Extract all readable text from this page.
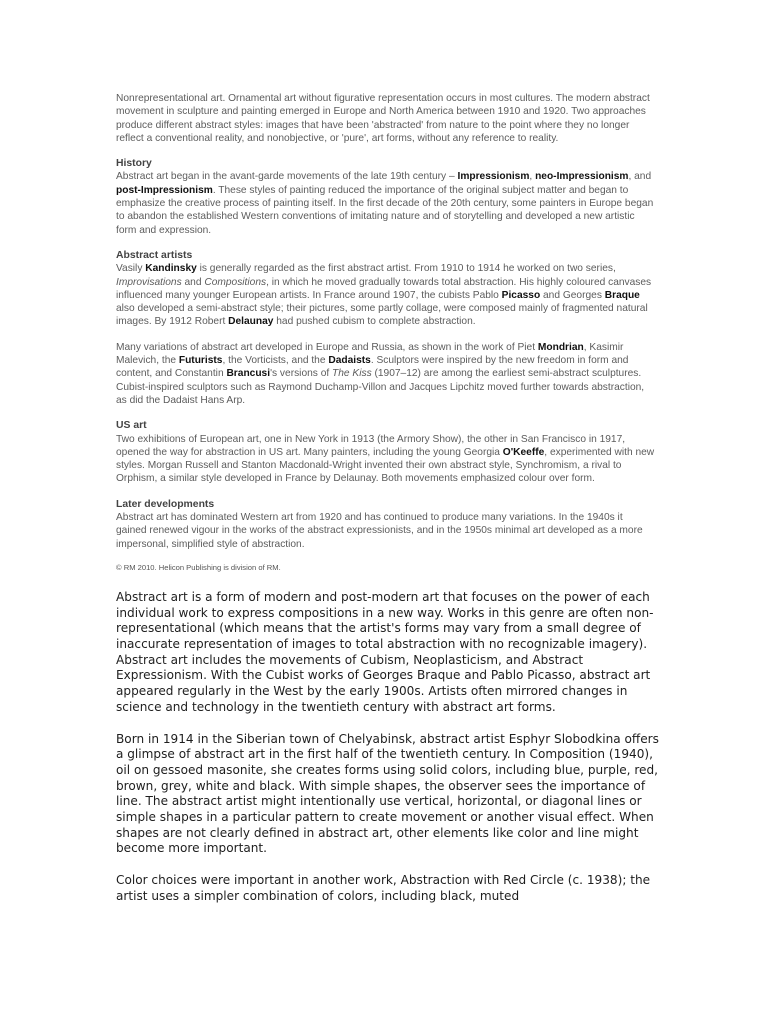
Nonrepresentational art. Ornamental art without figurative representation occurs in most cultures. The modern abstract movement in sculpture and painting emerged in Europe and North America between 1910 and 1920. Two approaches produce different abstract styles: images that have been 'abstracted' from nature to the point where they no longer reflect a conventional reality, and nonobjective, or 'pure', art forms, without any reference to reality.

History

Abstract art began in the avant-garde movements of the late 19th century – Impressionism, neo-Impressionism, and post-Impressionism. These styles of painting reduced the importance of the original subject matter and began to emphasize the creative process of painting itself. In the first decade of the 20th century, some painters in Europe began to abandon the established Western conventions of imitating nature and of storytelling and developed a new artistic form and expression.

Abstract artists

Vasily Kandinsky is generally regarded as the first abstract artist. From 1910 to 1914 he worked on two series, Improvisations and Compositions, in which he moved gradually towards total abstraction. His highly coloured canvases influenced many younger European artists. In France around 1907, the cubists Pablo Picasso and Georges Braque also developed a semi-abstract style; their pictures, some partly collage, were composed mainly of fragmented natural images. By 1912 Robert Delaunay had pushed cubism to complete abstraction.

Many variations of abstract art developed in Europe and Russia, as shown in the work of Piet Mondrian, Kasimir Malevich, the Futurists, the Vorticists, and the Dadaists. Sculptors were inspired by the new freedom in form and content, and Constantin Brancusi's versions of The Kiss (1907–12) are among the earliest semi-abstract sculptures. Cubist-inspired sculptors such as Raymond Duchamp-Villon and Jacques Lipchitz moved further towards abstraction, as did the Dadaist Hans Arp.

US art

Two exhibitions of European art, one in New York in 1913 (the Armory Show), the other in San Francisco in 1917, opened the way for abstraction in US art. Many painters, including the young Georgia O'Keeffe, experimented with new styles. Morgan Russell and Stanton Macdonald-Wright invented their own abstract style, Synchromism, a rival to Orphism, a similar style developed in France by Delaunay. Both movements emphasized colour over form.

Later developments

Abstract art has dominated Western art from 1920 and has continued to produce many variations. In the 1940s it gained renewed vigour in the works of the abstract expressionists, and in the 1950s minimal art developed as a more impersonal, simplified style of abstraction.

© RM 2010. Helicon Publishing is division of RM.

Abstract art is a form of modern and post-modern art that focuses on the power of each individual work to express compositions in a new way. Works in this genre are often non-representational (which means that the artist's forms may vary from a small degree of inaccurate representation of images to total abstraction with no recognizable imagery). Abstract art includes the movements of Cubism, Neoplasticism, and Abstract Expressionism. With the Cubist works of Georges Braque and Pablo Picasso, abstract art appeared regularly in the West by the early 1900s. Artists often mirrored changes in science and technology in the twentieth century with abstract art forms.

Born in 1914 in the Siberian town of Chelyabinsk, abstract artist Esphyr Slobodkina offers a glimpse of abstract art in the first half of the twentieth century. In Composition (1940), oil on gessoed masonite, she creates forms using solid colors, including blue, purple, red, brown, grey, white and black. With simple shapes, the observer sees the importance of line. The abstract artist might intentionally use vertical, horizontal, or diagonal lines or simple shapes in a particular pattern to create movement or another visual effect. When shapes are not clearly defined in abstract art, other elements like color and line might become more important.

Color choices were important in another work, Abstraction with Red Circle (c. 1938); the artist uses a simpler combination of colors, including black, muted
